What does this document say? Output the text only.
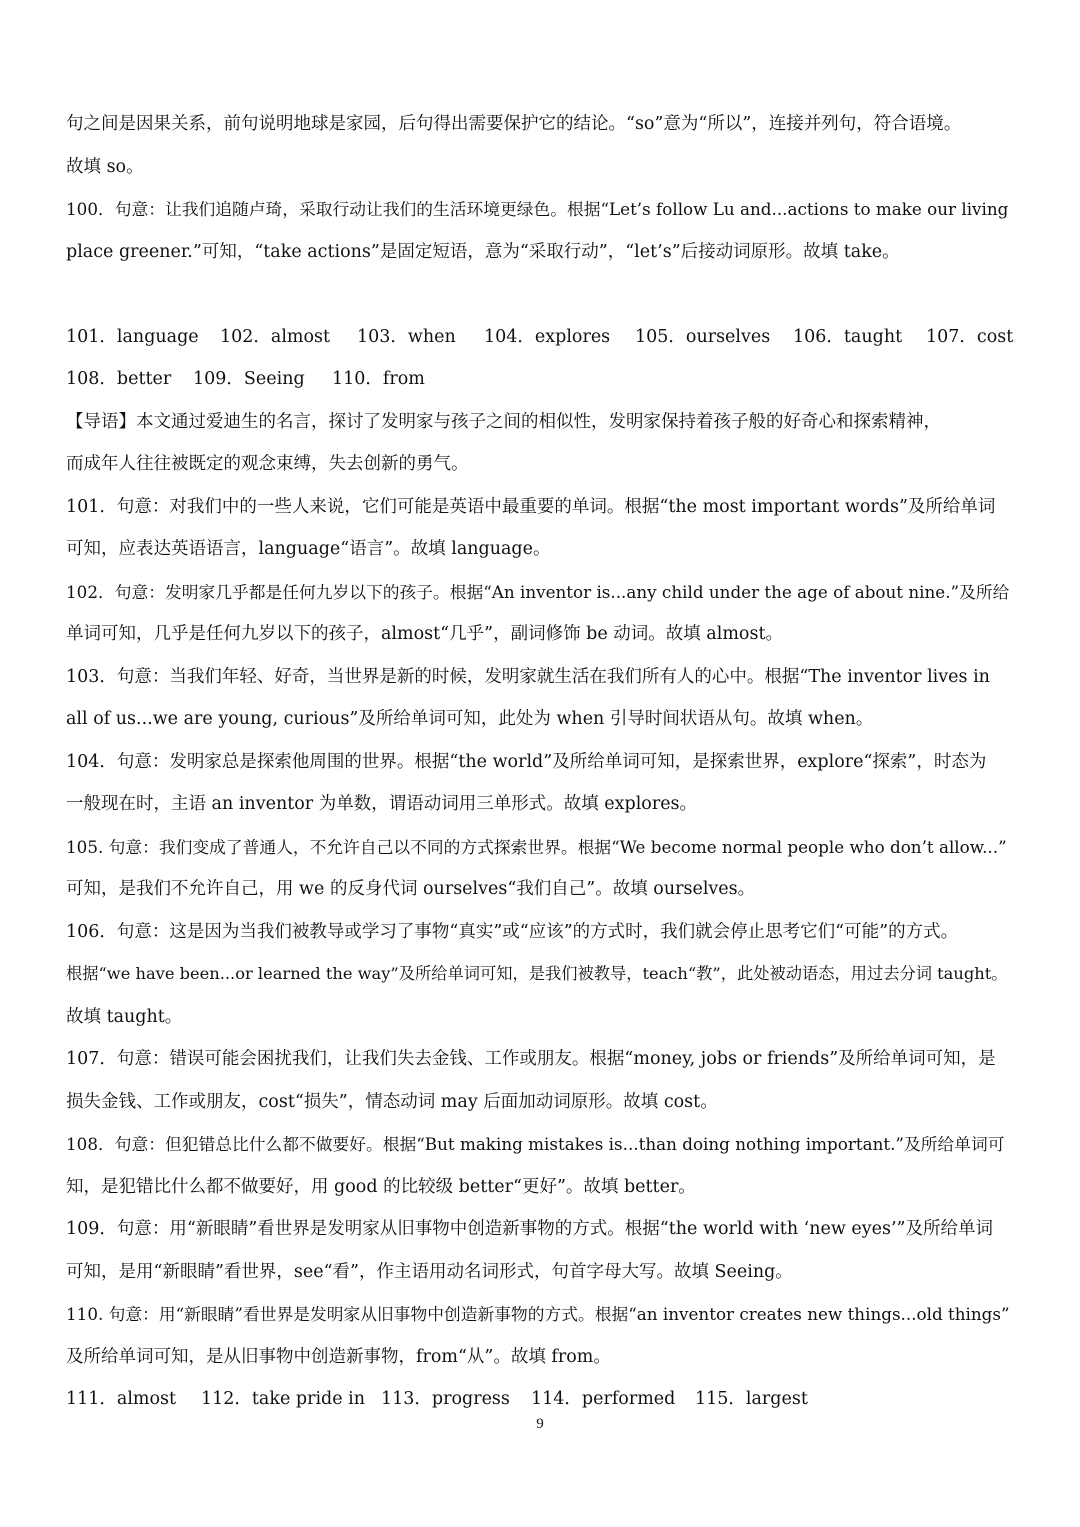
句之间是因果关系，前句说明地球是家园，后句得出需要保护它的结论。“so”意为“所以”，连接并列句，符合语境。
故填 so。
100．句意：让我们追随卢琦，采取行动让我们的生活环境更绿色。根据“Let’s follow Lu and...actions to make our living
place greener.”可知，“take actions”是固定短语，意为“采取行动”，“let’s”后接动词原形。故填 take。
101．language	102．almost	103．when	104．explores	105．ourselves	106．taught	107．cost
108．better	109．Seeing	110．from
【导语】本文通过爱迪生的名言，探讨了发明家与孩子之间的相似性，发明家保持着孩子般的好奇心和探索精神，
而成年人往往被既定的观念束缚，失去创新的勇气。
101．句意：对我们中的一些人来说，它们可能是英语中最重要的单词。根据“the most important words”及所给单词
可知，应表达英语语言，language“语言”。故填 language。
102．句意：发明家几乎都是任何九岁以下的孩子。根据“An inventor is...any child under the age of about nine.”及所给
单词可知，几乎是任何九岁以下的孩子，almost“几乎”，副词修饰 be 动词。故填 almost。
103．句意：当我们年轻、好奇，当世界是新的时候，发明家就生活在我们所有人的心中。根据“The inventor lives in
all of us...we are young, curious”及所给单词可知，此处为 when 引导时间状语从句。故填 when。
104．句意：发明家总是探索他周围的世界。根据“the world”及所给单词可知，是探索世界，explore“探索”，时态为
一般现在时，主语 an inventor 为单数，谓语动词用三单形式。故填 explores。
105. 句意：我们变成了普通人，不允许自己以不同的方式探索世界。根据“We become normal people who don’t allow...”
可知，是我们不允许自己，用 we 的反身代词 ourselves“我们自己”。故填 ourselves。
106．句意：这是因为当我们被教导或学习了事物“真实”或“应该”的方式时，我们就会停止思考它们“可能”的方式。
根据“we have been...or learned the way”及所给单词可知，是我们被教导，teach“教”，此处被动语态，用过去分词 taught。
故填 taught。
107．句意：错误可能会困扰我们，让我们失去金钱、工作或朋友。根据“money, jobs or friends”及所给单词可知，是
损失金钱、工作或朋友，cost“损失”，情态动词 may 后面加动词原形。故填 cost。
108．句意：但犯错总比什么都不做要好。根据“But making mistakes is...than doing nothing important.”及所给单词可
知，是犯错比什么都不做要好，用 good 的比较级 better“更好”。故填 better。
109．句意：用“新眼睛”看世界是发明家从旧事物中创造新事物的方式。根据“the world with ‘new eyes’”及所给单词
可知，是用“新眼睛”看世界，see“看”，作主语用动名词形式，句首字母大写。故填 Seeing。
110. 句意：用“新眼睛”看世界是发明家从旧事物中创造新事物的方式。根据“an inventor creates new things...old things”
及所给单词可知，是从旧事物中创造新事物，from“从”。故填 from。
111．almost	112．take pride in 113．progress	114．performed	115．largest
9
